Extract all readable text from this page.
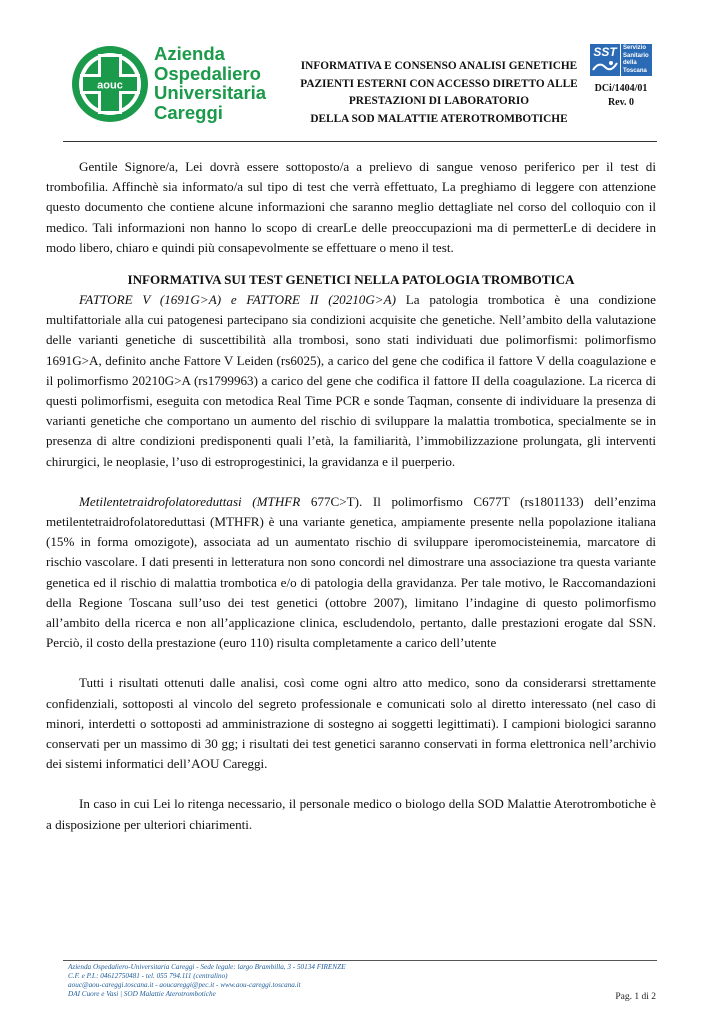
aouc
Azienda
Ospedaliero
Universitaria
Careggi
INFORMATIVA E CONSENSO ANALISI GENETICHE
PAZIENTI ESTERNI CON ACCESSO DIRETTO ALLE
PRESTAZIONI DI LABORATORIO
DELLA SOD MALATTIE ATEROTROMBOTICHE
SST	Servizio
Sanitario
della
Toscana
DCi/1404/01
Rev. 0

Gentile Signore/a, Lei dovrà essere sottoposto/a a prelievo di sangue venoso periferico per il test di trombofilia. Affinchè sia informato/a sul tipo di test che verrà effettuato, La preghiamo di leggere con attenzione questo documento che contiene alcune informazioni che saranno meglio dettagliate nel corso del colloquio con il medico. Tali informazioni non hanno lo scopo di crearLe delle preoccupazioni ma di permetterLe di decidere in modo libero, chiaro e quindi più consapevolmente se effettuare o meno il test.

INFORMATIVA SUI TEST GENETICI NELLA PATOLOGIA TROMBOTICA

FATTORE V (1691G>A) e FATTORE II (20210G>A) La patologia trombotica è una condizione multifattoriale alla cui patogenesi partecipano sia condizioni acquisite che genetiche. Nell’ambito della valutazione delle varianti genetiche di suscettibilità alla trombosi, sono stati individuati due polimorfismi: polimorfismo 1691G>A, definito anche Fattore V Leiden (rs6025), a carico del gene che codifica il fattore V della coagulazione e il polimorfismo 20210G>A (rs1799963) a carico del gene che codifica il fattore II della coagulazione. La ricerca di questi polimorfismi, eseguita con metodica Real Time PCR e sonde Taqman, consente di individuare la presenza di varianti genetiche che comportano un aumento del rischio di sviluppare la malattia trombotica, specialmente se in presenza di altre condizioni predisponenti quali l’età, la familiarità, l’immobilizzazione prolungata, gli interventi chirurgici, le neoplasie, l’uso di estroprogestinici, la gravidanza e il puerperio.

Metilentetraidrofolatoreduttasi (MTHFR 677C>T). Il polimorfismo C677T (rs1801133) dell’enzima metilentetraidrofolatoreduttasi (MTHFR) è una variante genetica, ampiamente presente nella popolazione italiana (15% in forma omozigote), associata ad un aumentato rischio di sviluppare iperomocisteinemia, marcatore di rischio vascolare. I dati presenti in letteratura non sono concordi nel dimostrare una associazione tra questa variante genetica ed il rischio di malattia trombotica e/o di patologia della gravidanza. Per tale motivo, le Raccomandazioni della Regione Toscana sull’uso dei test genetici (ottobre 2007), limitano l’indagine di questo polimorfismo all’ambito della ricerca e non all’applicazione clinica, escludendolo, pertanto, dalle prestazioni erogate dal SSN. Perciò, il costo della prestazione (euro 110) risulta completamente a carico dell’utente

Tutti i risultati ottenuti dalle analisi, così come ogni altro atto medico, sono da considerarsi strettamente confidenziali, sottoposti al vincolo del segreto professionale e comunicati solo al diretto interessato (nel caso di minori, interdetti o sottoposti ad amministrazione di sostegno ai soggetti legittimati). I campioni biologici saranno conservati per un massimo di 30 gg; i risultati dei test genetici saranno conservati in forma elettronica nell’archivio dei sistemi informatici dell’AOU Careggi.

In caso in cui Lei lo ritenga necessario, il personale medico o biologo della SOD Malattie Aterotrombotiche è a disposizione per ulteriori chiarimenti.

Azienda Ospedaliero-Universitaria Careggi - Sede legale: largo Brambilla, 3 - 50134 FIRENZE
C.F. e P.I.: 04612750481 - tel. 055 794.111 (centralino)
aouc@aou-careggi.toscana.it - aoucareggi@pec.it - www.aou-careggi.toscana.it
DAI Cuore e Vasi | SOD Malattie Aterotrombotiche	Pag. 1 di 2
